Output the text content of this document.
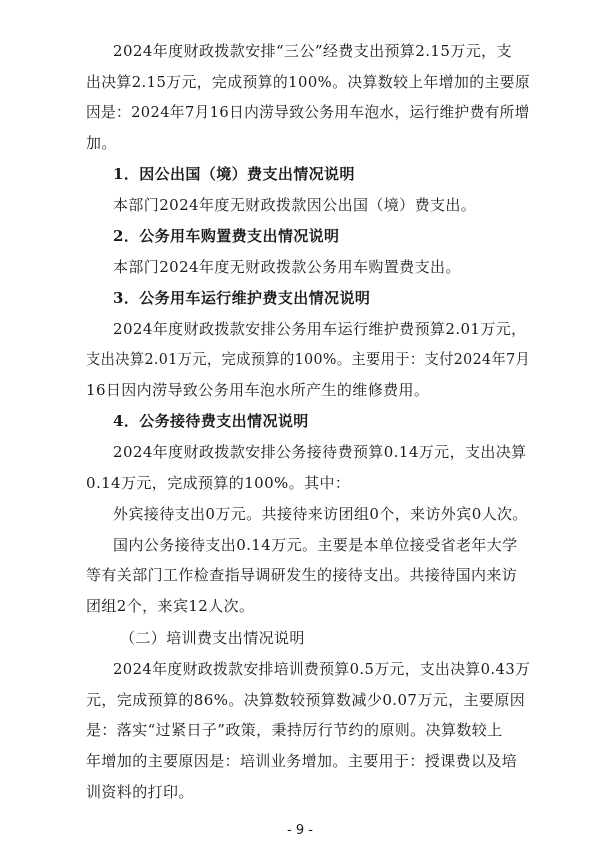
2024年度财政拨款安排“三公”经费支出预算2.15万元，支
出决算2.15万元，完成预算的100%。决算数较上年增加的主要原
因是：2024年7月16日内涝导致公务用车泡水，运行维护费有所增
加。
1．因公出国（境）费支出情况说明
本部门2024年度无财政拨款因公出国（境）费支出。
2．公务用车购置费支出情况说明
本部门2024年度无财政拨款公务用车购置费支出。
3．公务用车运行维护费支出情况说明
2024年度财政拨款安排公务用车运行维护费预算2.01万元，
支出决算2.01万元，完成预算的100%。主要用于：支付2024年7月
16日因内涝导致公务用车泡水所产生的维修费用。
4．公务接待费支出情况说明
2024年度财政拨款安排公务接待费预算0.14万元，支出决算
0.14万元，完成预算的100%。其中：
外宾接待支出0万元。共接待来访团组0个，来访外宾0人次。
国内公务接待支出0.14万元。主要是本单位接受省老年大学
等有关部门工作检查指导调研发生的接待支出。共接待国内来访
团组2个，来宾12人次。
（二）培训费支出情况说明
2024年度财政拨款安排培训费预算0.5万元，支出决算0.43万
元，完成预算的86%。决算数较预算数减少0.07万元，主要原因
是：落实“过紧日子”政策，秉持厉行节约的原则。决算数较上
年增加的主要原因是：培训业务增加。主要用于：授课费以及培
训资料的打印。
- 9 -
